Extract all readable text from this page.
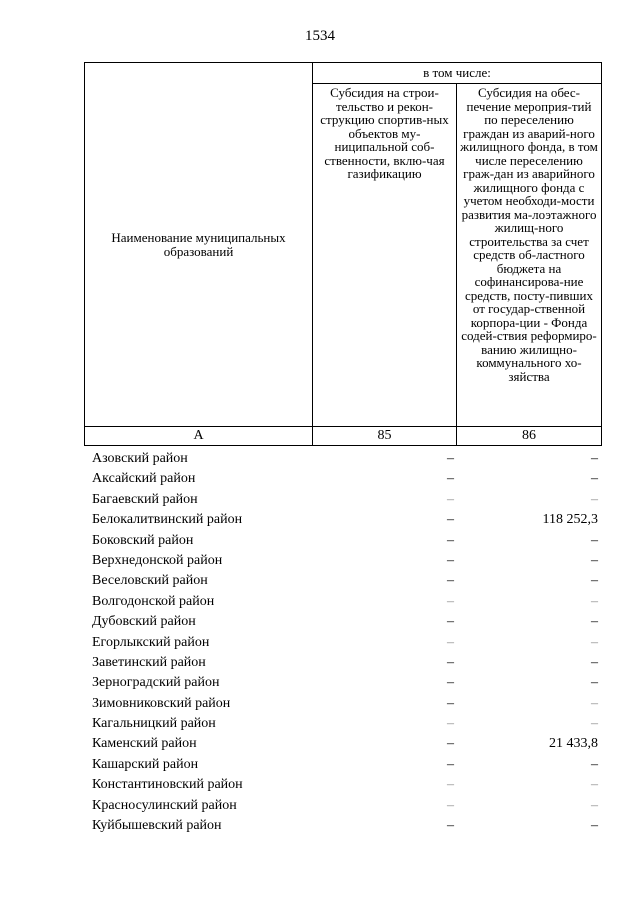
1534
Наименование муниципальных образований	в том числе:	
	Субсидия на строи-тельство и рекон-струкцию спортив-ных объектов му-ниципальной соб-ственности, вклю-чая газификацию	Субсидия на обес-печение мероприя-тий по переселению граждан из аварий-ного жилищного фонда, в том числе переселению граж-дан из аварийного жилищного фонда с учетом необходи-мости развития ма-лоэтажного жилищ-ного строительства за счет средств об-ластного бюджета на софинансирова-ние средств, посту-пивших от государ-ственной корпора-ции - Фонда содей-ствия реформиро-ванию жилищно-коммунального хо-зяйства
А	85	86
Азовский район	–	–
Аксайский район	–	–
Багаевский район	–	–
Белокалитвинский район	–	118 252,3
Боковский район	–	–
Верхнедонской район	–	–
Веселовский район	–	–
Волгодонской район	–	–
Дубовский район	–	–
Егорлыкский район	–	–
Заветинский район	–	–
Зерноградский район	–	–
Зимовниковский район	–	–
Кагальницкий район	–	–
Каменский район	–	21 433,8
Кашарский район	–	–
Константиновский район	–	–
Красносулинский район	–	–
Куйбышевский район	–	–
